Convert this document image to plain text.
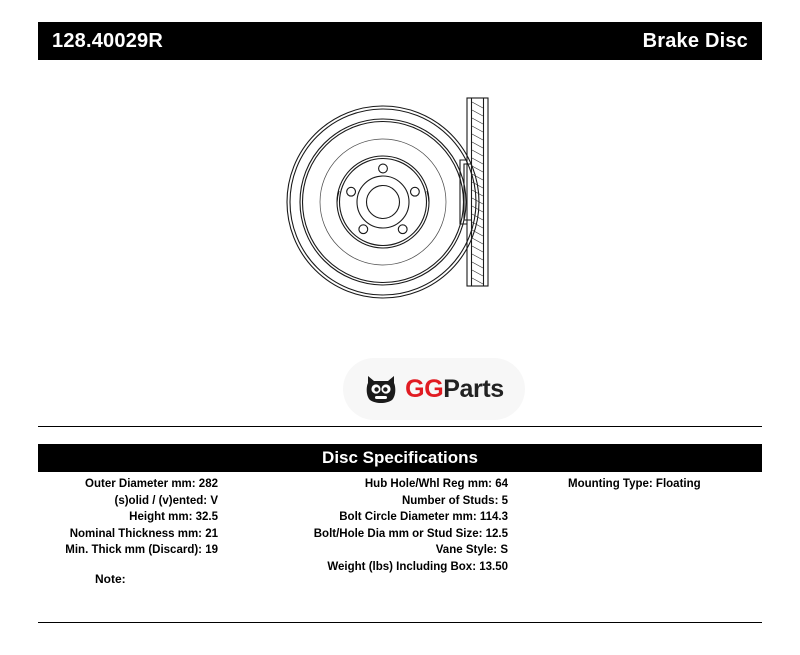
128.40029R	Brake Disc
GGParts
Disc Specifications
Outer Diameter mm: 282
(s)olid / (v)ented: V
Height mm: 32.5
Nominal Thickness mm: 21
Min. Thick mm (Discard): 19
Hub Hole/Whl Reg mm: 64
Number of Studs: 5
Bolt Circle Diameter mm: 114.3
Bolt/Hole Dia mm or Stud Size: 12.5
Vane Style: S
Weight (lbs) Including Box: 13.50
Mounting Type: Floating
Note:
